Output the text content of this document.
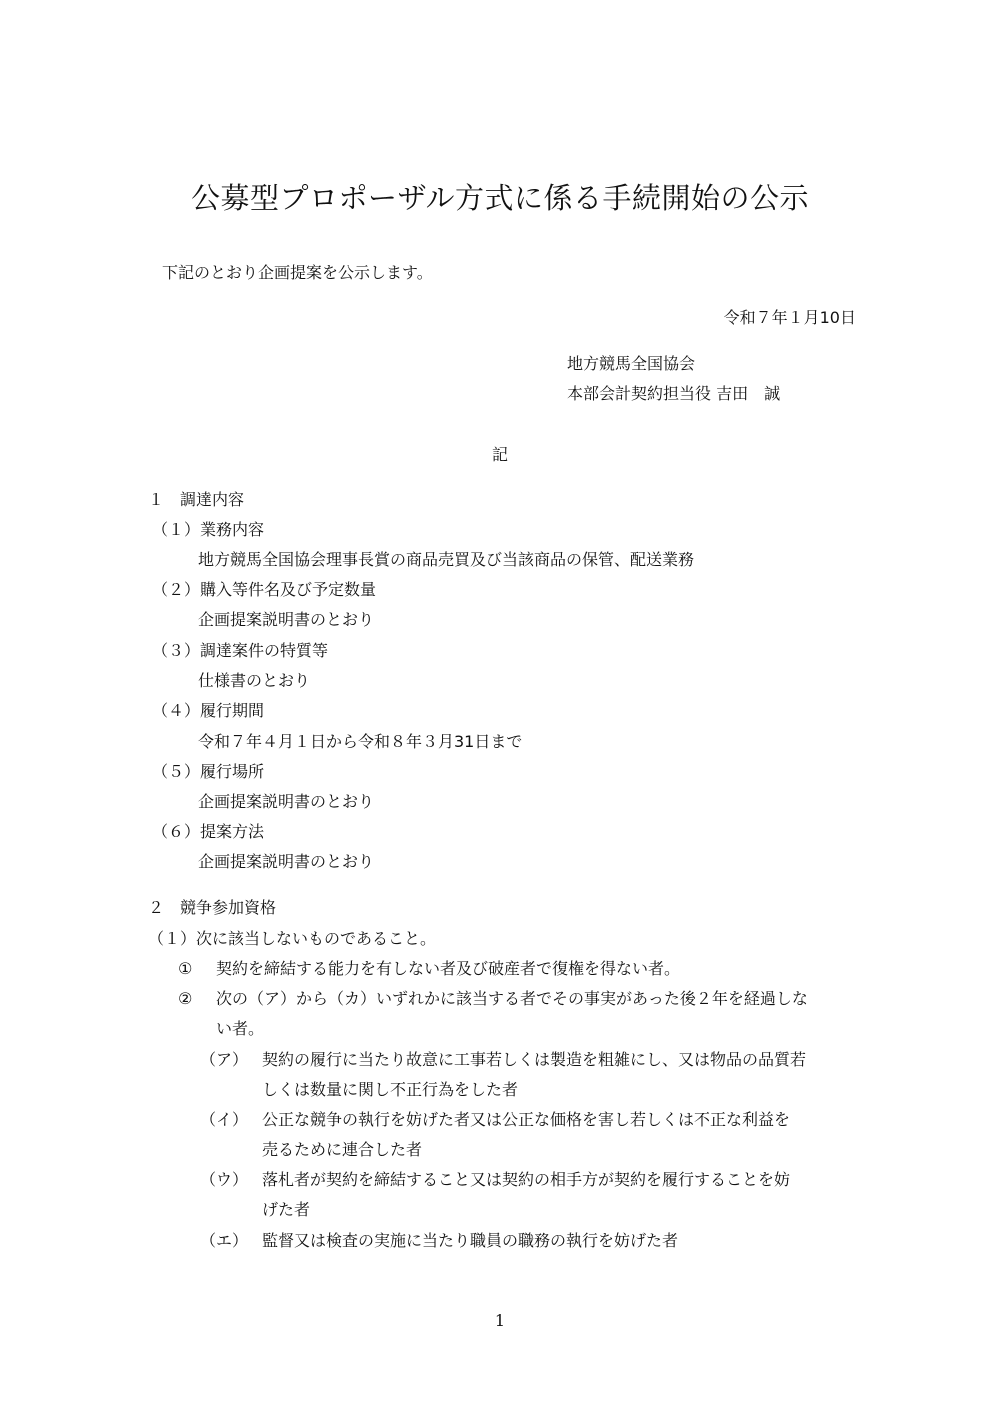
公募型プロポーザル方式に係る手続開始の公示
下記のとおり企画提案を公示します。
令和７年１月10日
地方競馬全国協会
本部会計契約担当役 吉田　誠
記
１　調達内容
（１）業務内容
地方競馬全国協会理事長賞の商品売買及び当該商品の保管、配送業務
（２）購入等件名及び予定数量
企画提案説明書のとおり
（３）調達案件の特質等
仕様書のとおり
（４）履行期間
令和７年４月１日から令和８年３月31日まで
（５）履行場所
企画提案説明書のとおり
（６）提案方法
企画提案説明書のとおり
２　競争参加資格
（１）次に該当しないものであること。
① 契約を締結する能力を有しない者及び破産者で復権を得ない者。
② 次の（ア）から（カ）いずれかに該当する者でその事実があった後２年を経過しな
い者。
（ア） 契約の履行に当たり故意に工事若しくは製造を粗雑にし、又は物品の品質若
しくは数量に関し不正行為をした者
（イ） 公正な競争の執行を妨げた者又は公正な価格を害し若しくは不正な利益を
売るために連合した者
（ウ） 落札者が契約を締結すること又は契約の相手方が契約を履行することを妨
げた者
（エ） 監督又は検査の実施に当たり職員の職務の執行を妨げた者
1
